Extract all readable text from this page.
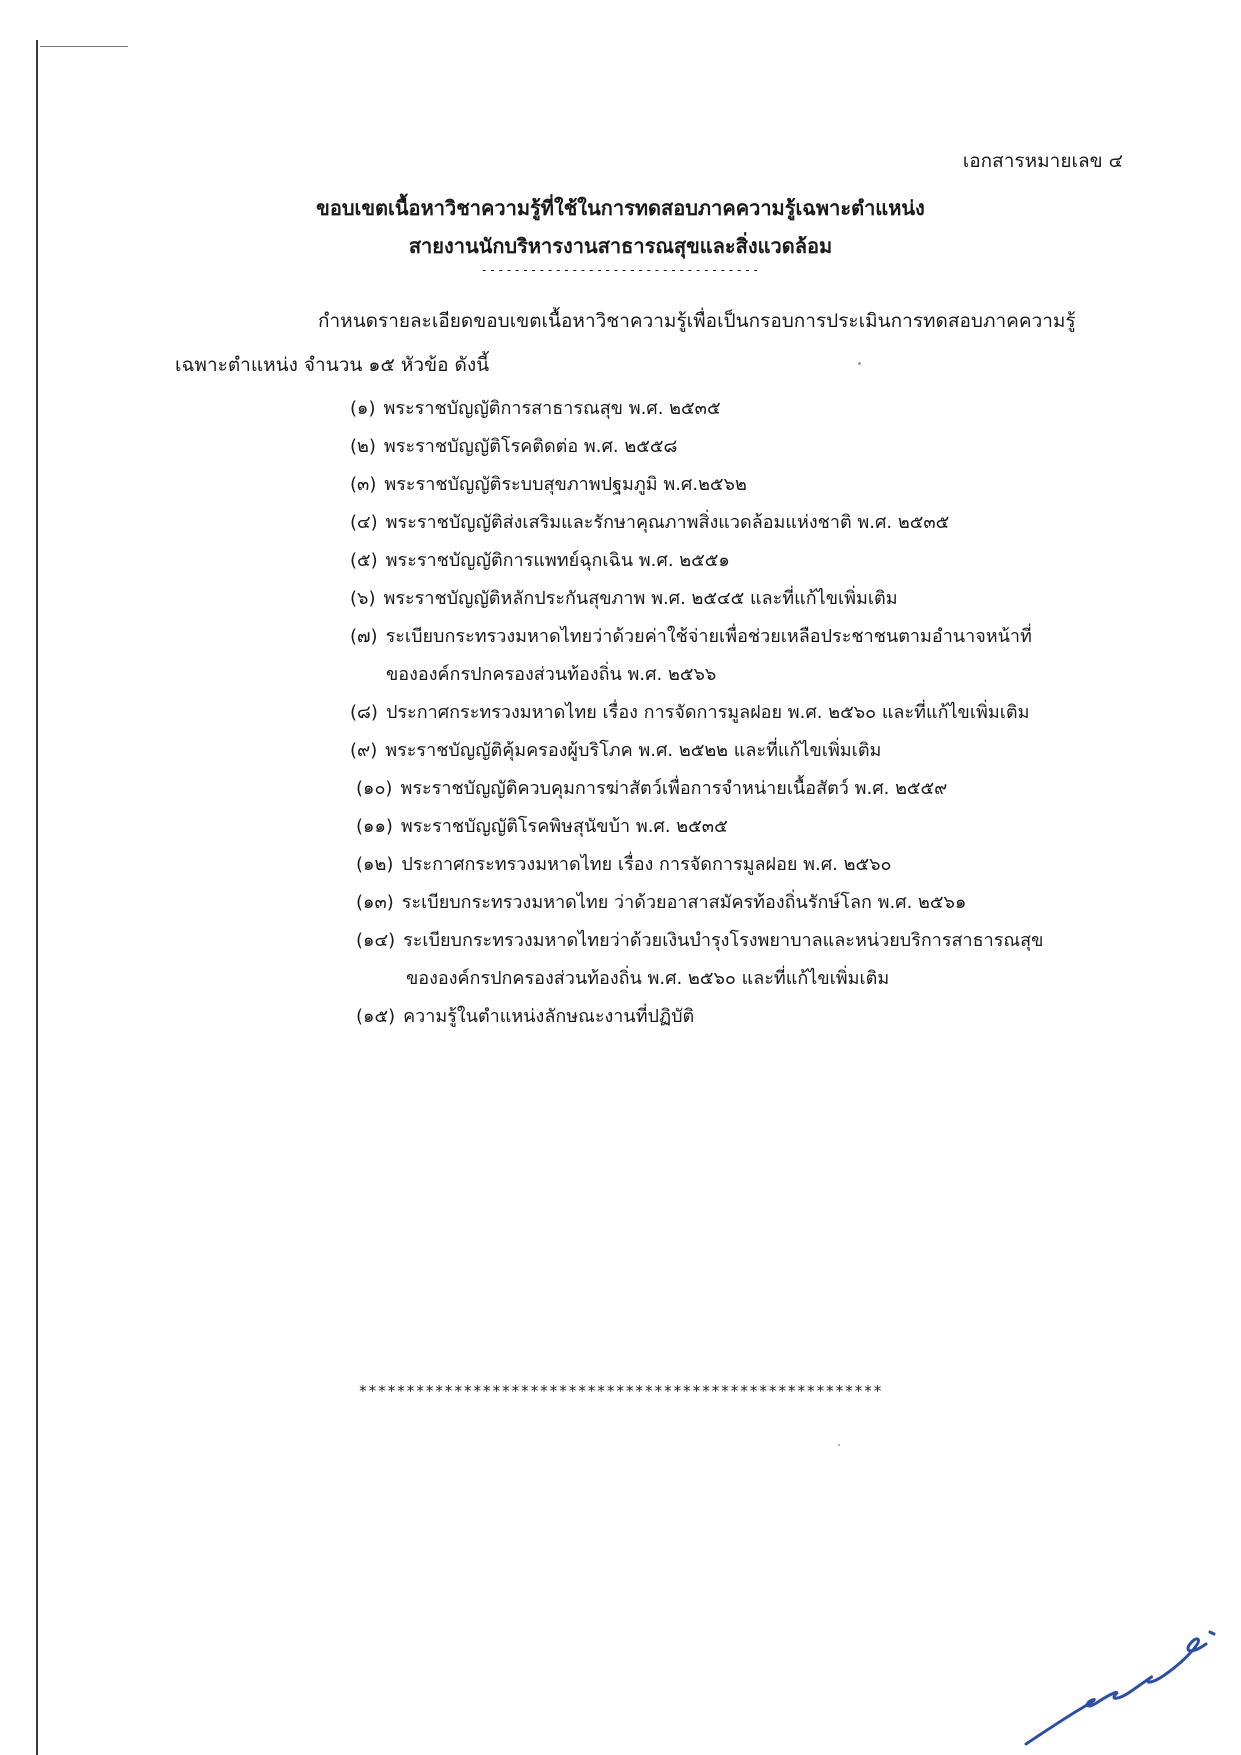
เอกสารหมายเลข ๔
ขอบเขตเนื้อหาวิชาความรู้ที่ใช้ในการทดสอบภาคความรู้เฉพาะตำแหน่ง
สายงานนักบริหารงานสาธารณสุขและสิ่งแวดล้อม
----------------------------------
กำหนดรายละเอียดขอบเขตเนื้อหาวิชาความรู้เพื่อเป็นกรอบการประเมินการทดสอบภาคความรู้
เฉพาะตำแหน่ง จำนวน ๑๕ หัวข้อ ดังนี้
(๑) พระราชบัญญัติการสาธารณสุข พ.ศ. ๒๕๓๕
(๒) พระราชบัญญัติโรคติดต่อ พ.ศ. ๒๕๕๘
(๓) พระราชบัญญัติระบบสุขภาพปฐมภูมิ พ.ศ.๒๕๖๒
(๔) พระราชบัญญัติส่งเสริมและรักษาคุณภาพสิ่งแวดล้อมแห่งชาติ พ.ศ. ๒๕๓๕
(๕) พระราชบัญญัติการแพทย์ฉุกเฉิน พ.ศ. ๒๕๕๑
(๖) พระราชบัญญัติหลักประกันสุขภาพ พ.ศ. ๒๕๔๕ และที่แก้ไขเพิ่มเติม
(๗) ระเบียบกระทรวงมหาดไทยว่าด้วยค่าใช้จ่ายเพื่อช่วยเหลือประชาชนตามอำนาจหน้าที่
ขององค์กรปกครองส่วนท้องถิ่น พ.ศ. ๒๕๖๖
(๘) ประกาศกระทรวงมหาดไทย เรื่อง การจัดการมูลฝอย พ.ศ. ๒๕๖๐ และที่แก้ไขเพิ่มเติม
(๙) พระราชบัญญัติคุ้มครองผู้บริโภค พ.ศ. ๒๕๒๒ และที่แก้ไขเพิ่มเติม
(๑๐) พระราชบัญญัติควบคุมการฆ่าสัตว์เพื่อการจำหน่ายเนื้อสัตว์ พ.ศ. ๒๕๕๙
(๑๑) พระราชบัญญัติโรคพิษสุนัขบ้า พ.ศ. ๒๕๓๕
(๑๒) ประกาศกระทรวงมหาดไทย เรื่อง การจัดการมูลฝอย พ.ศ. ๒๕๖๐
(๑๓) ระเบียบกระทรวงมหาดไทย ว่าด้วยอาสาสมัครท้องถิ่นรักษ์โลก พ.ศ. ๒๕๖๑
(๑๔) ระเบียบกระทรวงมหาดไทยว่าด้วยเงินบำรุงโรงพยาบาลและหน่วยบริการสาธารณสุข
ขององค์กรปกครองส่วนท้องถิ่น พ.ศ. ๒๕๖๐ และที่แก้ไขเพิ่มเติม
(๑๕) ความรู้ในตำแหน่งลักษณะงานที่ปฏิบัติ
*******************************************************
